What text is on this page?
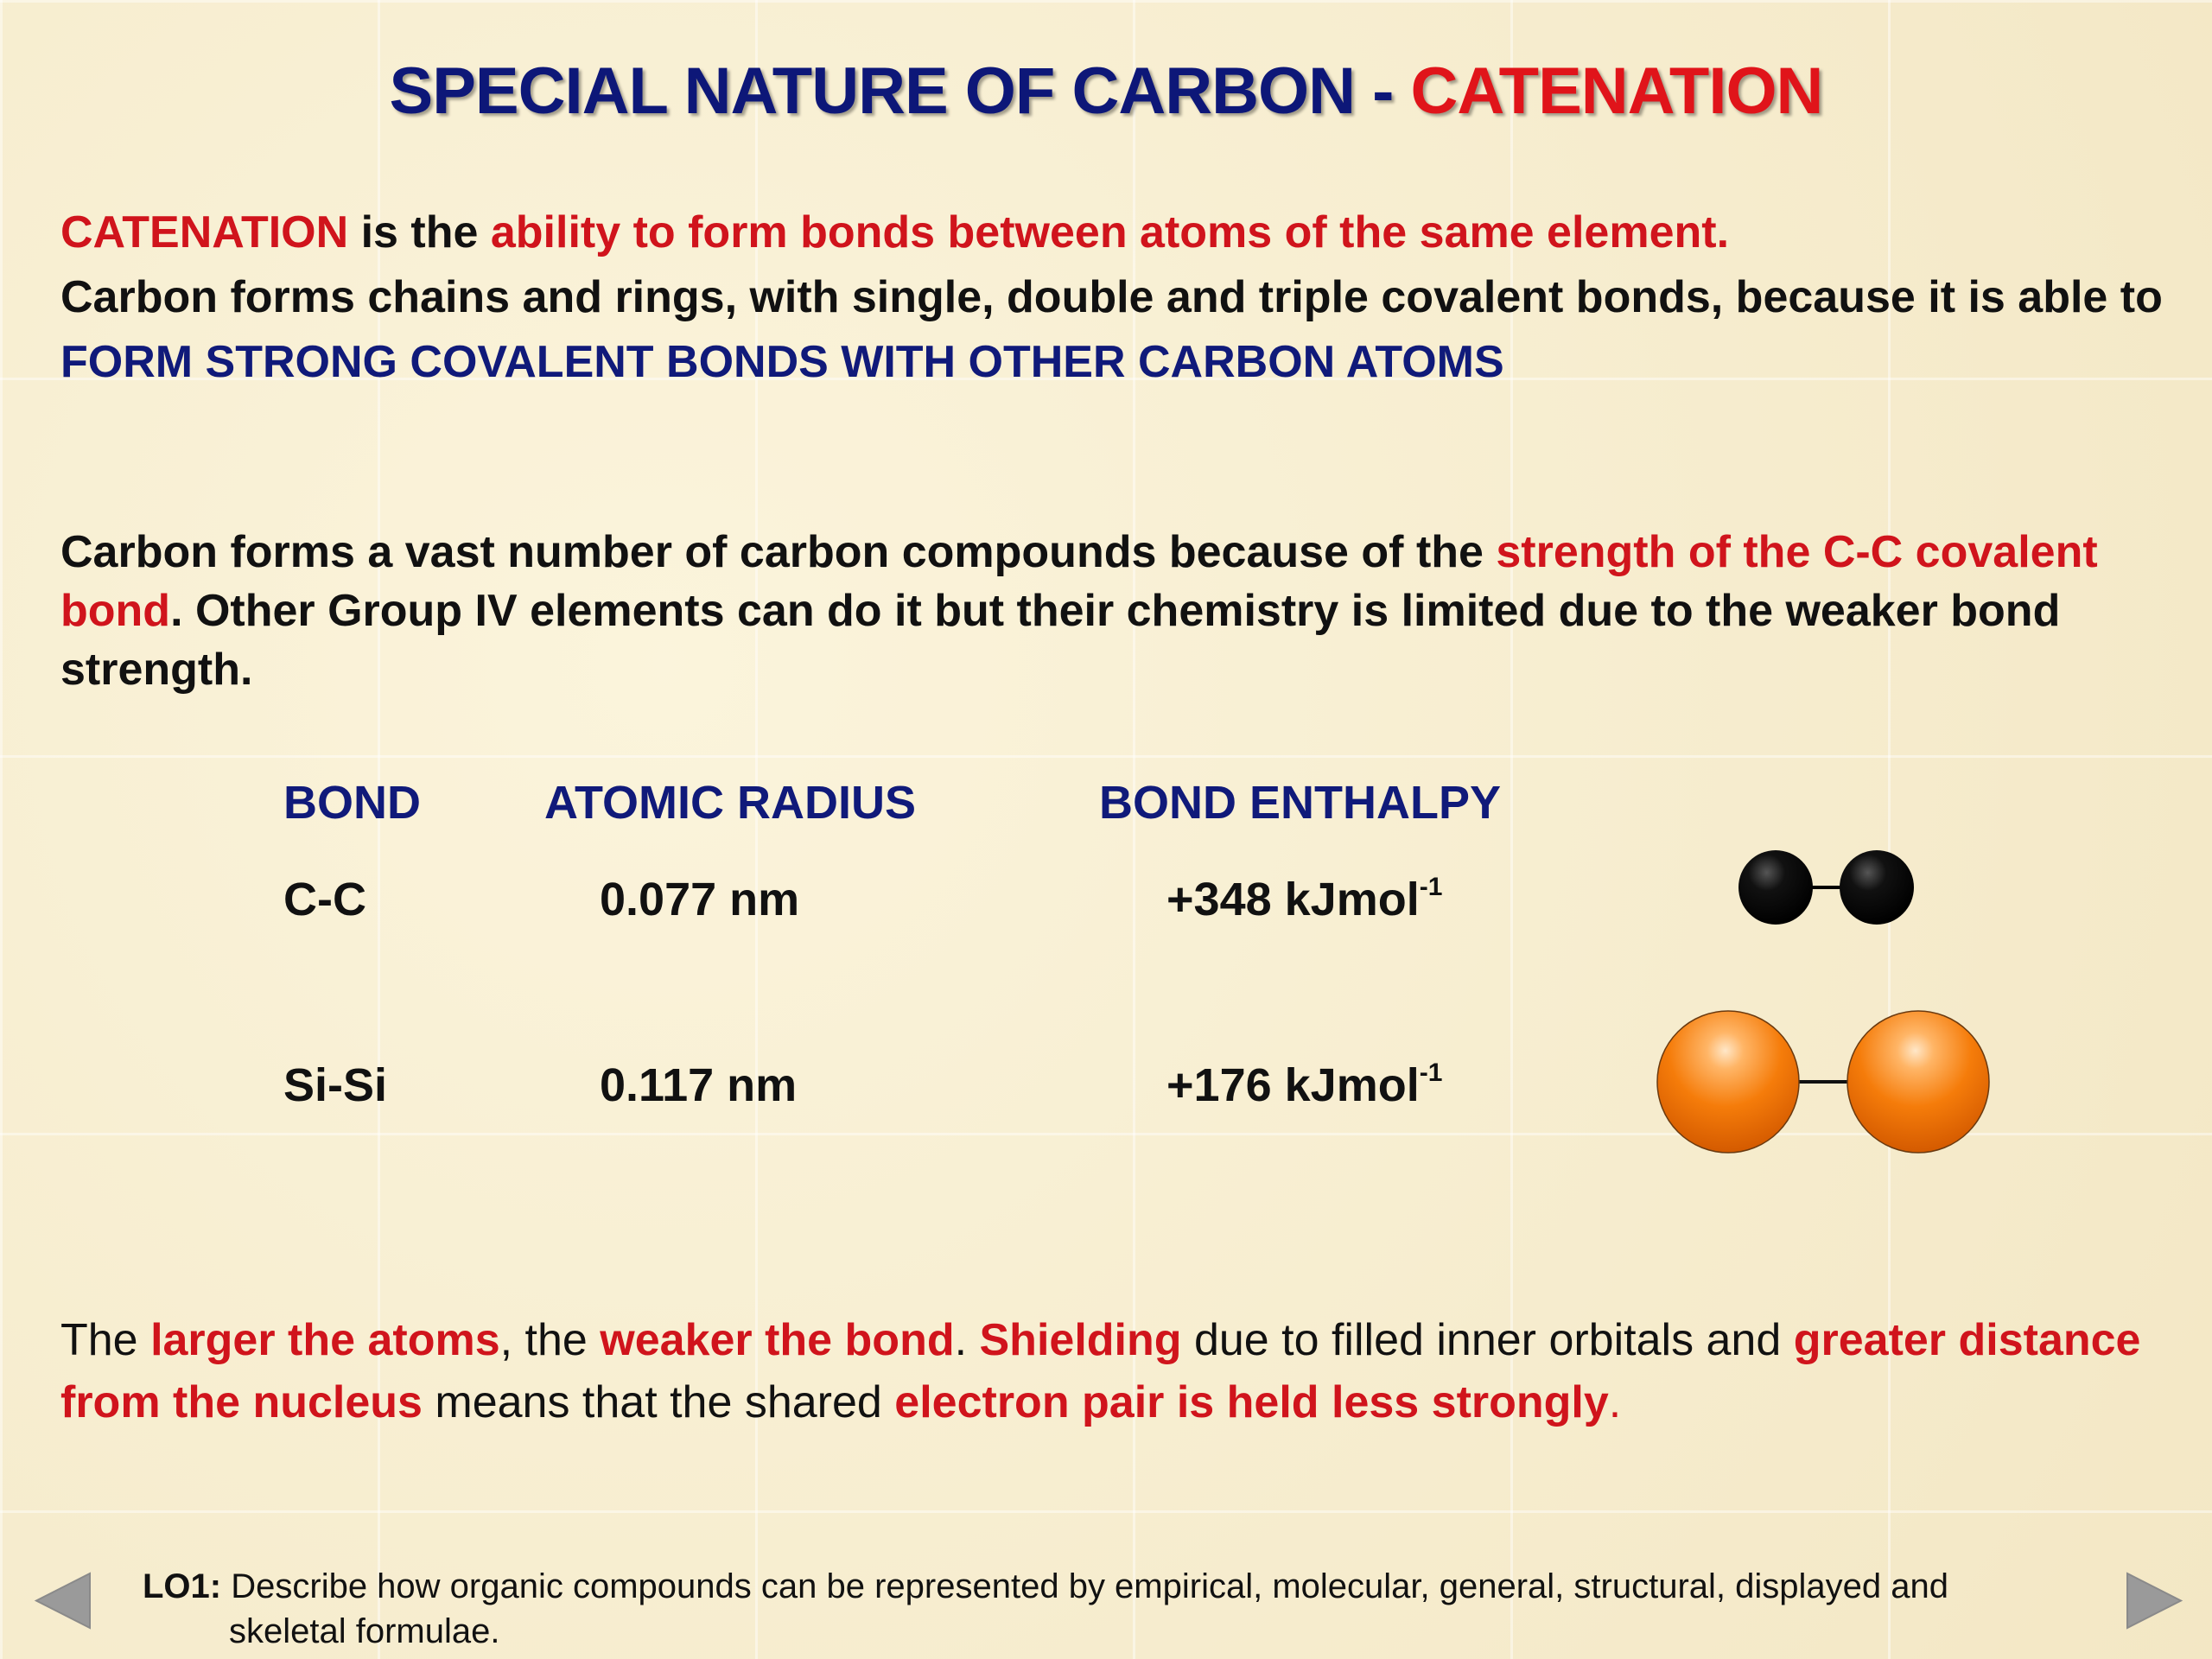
SPECIAL NATURE OF CARBON - CATENATION
CATENATION is the ability to form bonds between atoms of the same element.
Carbon forms chains and rings, with single, double and triple covalent bonds, because it is able to FORM STRONG COVALENT BONDS WITH OTHER CARBON ATOMS
Carbon forms a vast number of carbon compounds because of the strength of the C-C covalent bond. Other Group IV elements can do it but their chemistry is limited due to the weaker bond strength.
BOND	ATOMIC RADIUS	BOND ENTHALPY
C-C	0.077 nm	+348 kJmol$^{-1}$
Si-Si	0.117 nm	+176 kJmol$^{-1}$
The larger the atoms, the weaker the bond. Shielding due to filled inner orbitals and greater distance from the nucleus means that the shared electron pair is held less strongly.
LO1: Describe how organic compounds can be represented by empirical, molecular, general, structural, displayed and
skeletal formulae.
